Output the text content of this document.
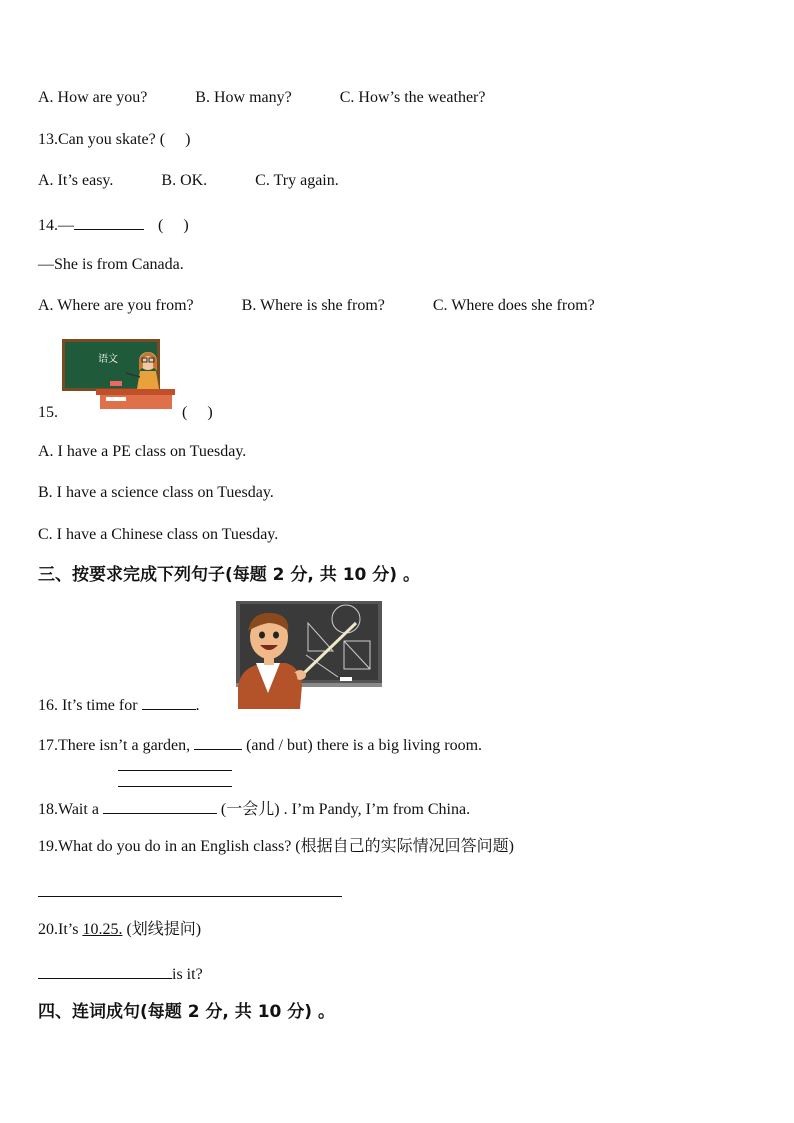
A. How are you?	B. How many?	C. How’s the weather?
13.Can you skate? ( )
A. It’s easy.	B. OK.	C. Try again.
14.—	(     )
—She is from Canada.
A. Where are you from?	B. Where is she from?	C. Where does she from?
语文
15.	(     )
A. I have a PE class on Tuesday.
B. I have a science class on Tuesday.
C. I have a Chinese class on Tuesday.
三、按要求完成下列句子(每题 2 分, 共 10 分) 。
16. It’s time for	.
17.There isn’t a garden,	(and / but) there is a big living room.
18.Wait a	(一会儿) . I’m Pandy, I’m from China.
19.What do you do in an English class? (根据自己的实际情况回答问题)
20.It’s 10.25. (划线提问)
is it?
四、连词成句(每题 2 分, 共 10 分) 。
